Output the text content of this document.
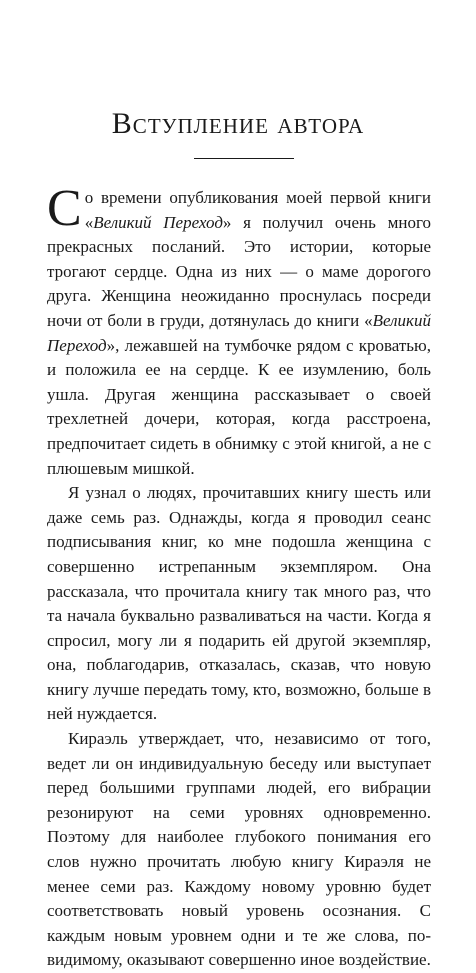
Вступление автора

Со времени опубликования моей первой книги «Великий Переход» я получил очень много прекрасных посланий. Это истории, которые трогают сердце. Одна из них — о маме дорогого друга. Женщина неожиданно проснулась посреди ночи от боли в груди, дотянулась до книги «Великий Переход», лежавшей на тумбочке рядом с кроватью, и положила ее на сердце. К ее изумлению, боль ушла. Другая женщина рассказывает о своей трехлетней дочери, которая, когда расстроена, предпочитает сидеть в обнимку с этой книгой, а не с плюшевым мишкой.

Я узнал о людях, прочитавших книгу шесть или даже семь раз. Однажды, когда я проводил сеанс подписывания книг, ко мне подошла женщина с совершенно истрепанным экземпляром. Она рассказала, что прочитала книгу так много раз, что та начала буквально разваливаться на части. Когда я спросил, могу ли я подарить ей другой экземпляр, она, поблагодарив, отказалась, сказав, что новую книгу лучше передать тому, кто, возможно, больше в ней нуждается.

Кираэль утверждает, что, независимо от того, ведет ли он индивидуальную беседу или выступает перед большими группами людей, его вибрации резонируют на семи уровнях одновременно. Поэтому для наиболее глубокого понимания его слов нужно прочитать любую книгу Кираэля не менее семи раз. Каждому новому уровню будет соответствовать новый уровень осознания. С каждым новым уровнем одни и те же слова, по-видимому, оказывают совершенно иное воздействие.
